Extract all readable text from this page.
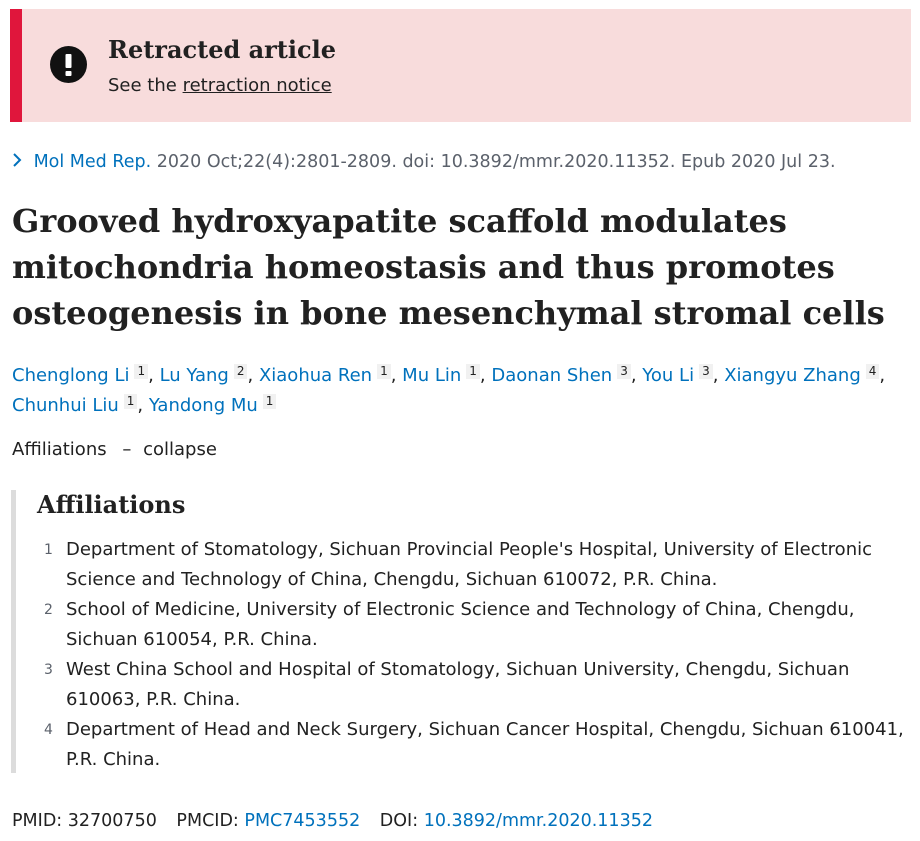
Retracted article
See the retraction notice
Mol Med Rep. 2020 Oct;22(4):2801-2809. doi: 10.3892/mmr.2020.11352. Epub 2020 Jul 23.
Grooved hydroxyapatite scaffold modulates mitochondria homeostasis and thus promotes osteogenesis in bone mesenchymal stromal cells
Chenglong Li 1 , Lu Yang 2 , Xiaohua Ren 1 , Mu Lin 1 , Daonan Shen 3 , You Li 3 , Xiangyu Zhang 4 , Chunhui Liu 1 , Yandong Mu 1
Affiliations – collapse
Affiliations
1 Department of Stomatology, Sichuan Provincial People's Hospital, University of Electronic Science and Technology of China, Chengdu, Sichuan 610072, P.R. China.
2 School of Medicine, University of Electronic Science and Technology of China, Chengdu, Sichuan 610054, P.R. China.
3 West China School and Hospital of Stomatology, Sichuan University, Chengdu, Sichuan 610063, P.R. China.
4 Department of Head and Neck Surgery, Sichuan Cancer Hospital, Chengdu, Sichuan 610041, P.R. China.
PMID: 32700750 PMCID: PMC7453552 DOI: 10.3892/mmr.2020.11352
